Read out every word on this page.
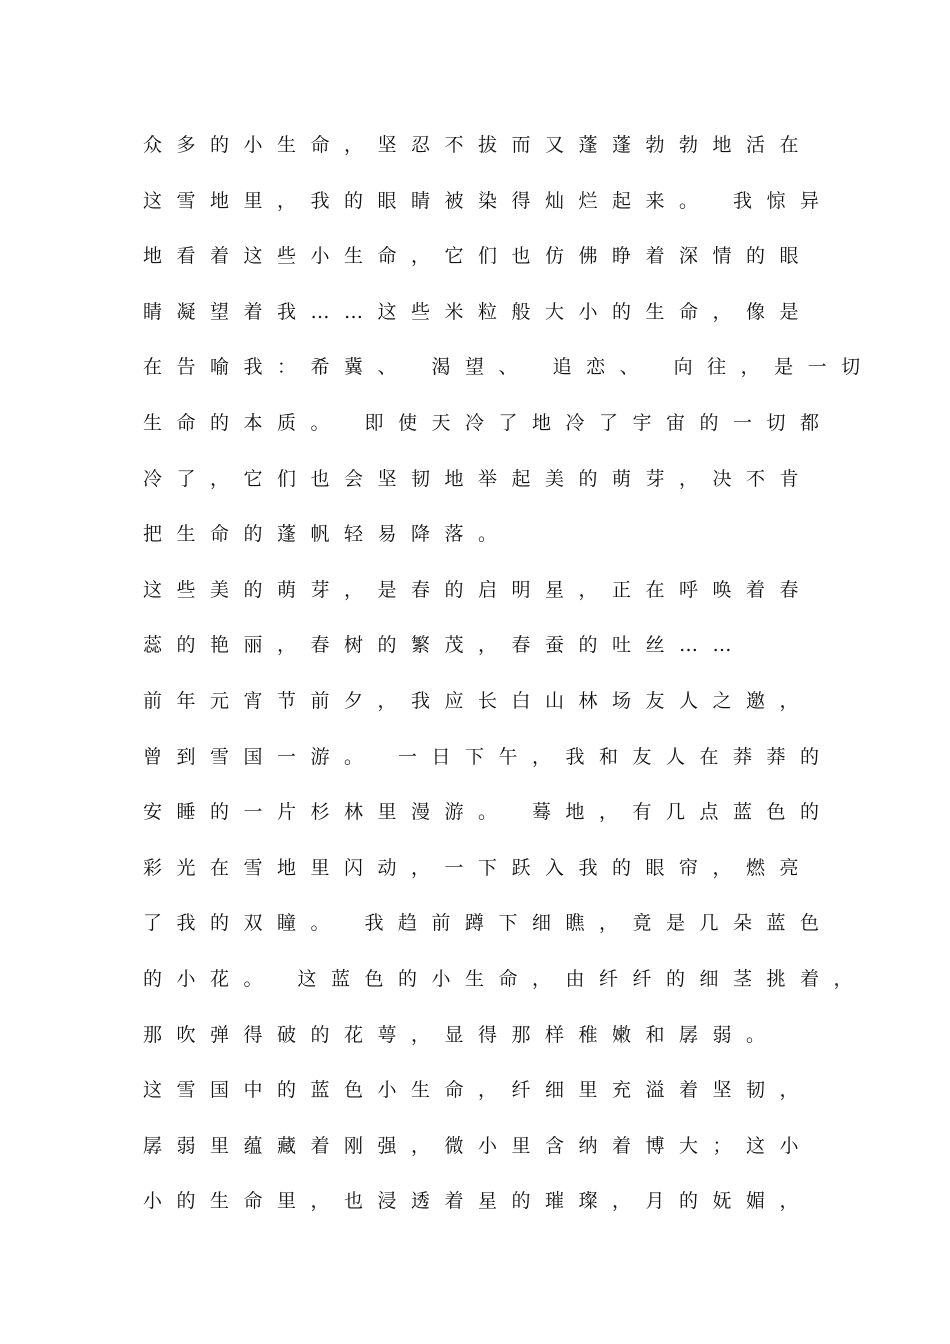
众多的小生命，坚忍不拔而又蓬蓬勃勃地活在
这雪地里，我的眼睛被染得灿烂起来。 我惊异
地看着这些小生命，它们也仿佛睁着深情的眼
睛凝望着我……这些米粒般大小的生命，像是
在告喻我：希冀、 渴望、 追恋、 向往，是一切
生命的本质。 即使天冷了地冷了宇宙的一切都
冷了，它们也会坚韧地举起美的萌芽，决不肯
把生命的蓬帆轻易降落。
这些美的萌芽，是春的启明星，正在呼唤着春
蕊的艳丽，春树的繁茂，春蚕的吐丝……
前年元宵节前夕，我应长白山林场友人之邀，
曾到雪国一游。 一日下午，我和友人在莽莽的
安睡的一片杉林里漫游。 蓦地，有几点蓝色的
彩光在雪地里闪动，一下跃入我的眼帘，燃亮
了我的双瞳。 我趋前蹲下细瞧，竟是几朵蓝色
的小花。 这蓝色的小生命，由纤纤的细茎挑着，
那吹弹得破的花萼，显得那样稚嫩和孱弱。
这雪国中的蓝色小生命，纤细里充溢着坚韧，
孱弱里蕴藏着刚强，微小里含纳着博大；这小
小的生命里，也浸透着星的璀璨，月的妩媚，
